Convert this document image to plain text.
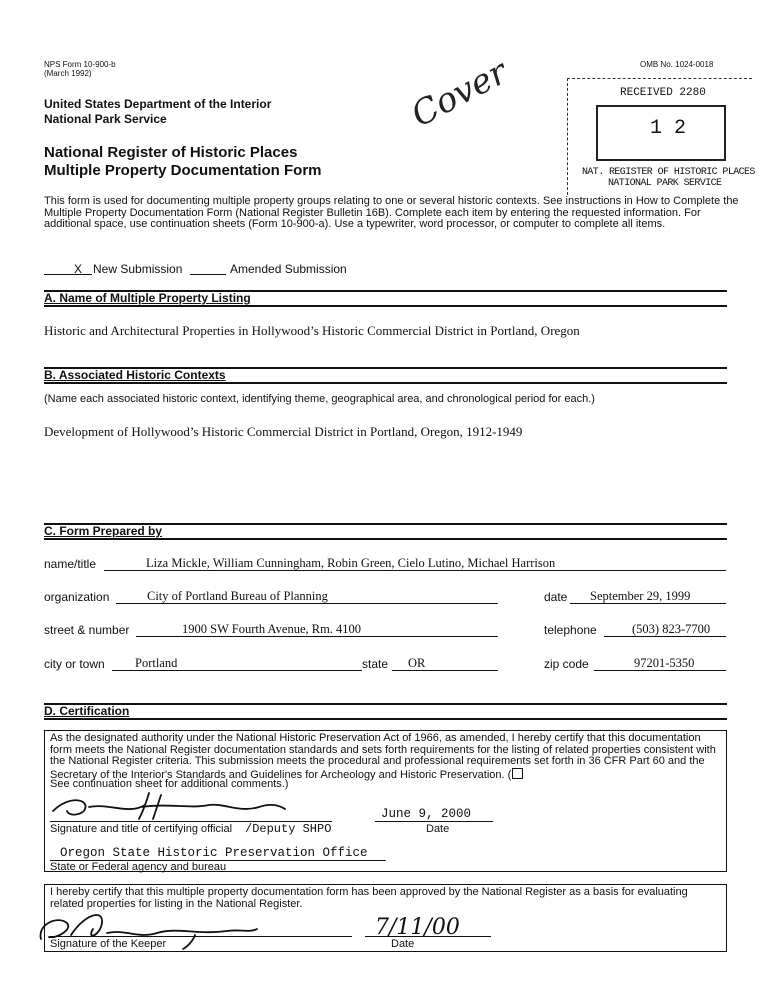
NPS Form 10-900-b
(March 1992)
OMB No. 1024-0018
United States Department of the Interior
National Park Service
National Register of Historic Places
Multiple Property Documentation Form
Cover	RECEIVED 2280
1 2
NAT. REGISTER OF HISTORIC PLACES
NATIONAL PARK SERVICE
This form is used for documenting multiple property groups relating to one or several historic contexts. See instructions in How to Complete the Multiple Property Documentation Form (National Register Bulletin 16B). Complete each item by entering the requested information. For additional space, use continuation sheets (Form 10-900-a). Use a typewriter, word processor, or computer to complete all items.
X New Submission	Amended Submission
A. Name of Multiple Property Listing
Historic and Architectural Properties in Hollywood’s Historic Commercial District in Portland, Oregon
B. Associated Historic Contexts
(Name each associated historic context, identifying theme, geographical area, and chronological period for each.)
Development of Hollywood’s Historic Commercial District in Portland, Oregon, 1912-1949
C. Form Prepared by
name/title	Liza Mickle, William Cunningham, Robin Green, Cielo Lutino, Michael Harrison
organization	City of Portland Bureau of Planning	date September 29, 1999
street & number	1900 SW Fourth Avenue, Rm. 4100	telephone	(503) 823-7700
city or town Portland	state OR	zip code	97201-5350
D. Certification
As the designated authority under the National Historic Preservation Act of 1966, as amended, I hereby certify that this documentation form meets the National Register documentation standards and sets forth requirements for the listing of related properties consistent with the National Register criteria. This submission meets the procedural and professional requirements set forth in 36 CFR Part 60 and the Secretary of the Interior's Standards and Guidelines for Archeology and Historic Preservation. (
See continuation sheet for additional comments.)
June 9, 2000
Signature and title of certifying official /Deputy SHPO	Date
Oregon State Historic Preservation Office
State or Federal agency and bureau
I hereby certify that this multiple property documentation form has been approved by the National Register as a basis for evaluating related properties for listing in the National Register.
7/11/00
Signature of the Keeper	Date
